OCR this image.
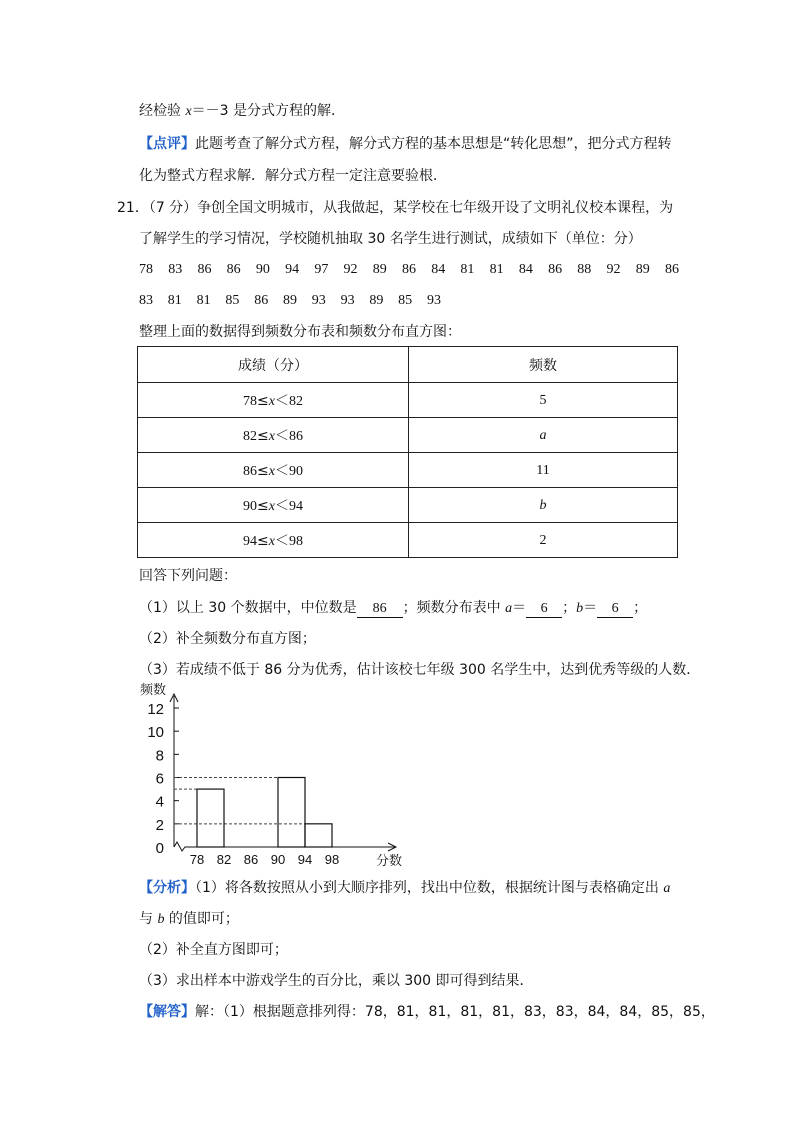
经检验 x＝－3 是分式方程的解．
【点评】此题考查了解分式方程，解分式方程的基本思想是“转化思想”，把分式方程转
化为整式方程求解．解分式方程一定注意要验根．
21．（7 分）争创全国文明城市，从我做起，某学校在七年级开设了文明礼仪校本课程，为
了解学生的学习情况，学校随机抽取 30 名学生进行测试，成绩如下（单位：分）
78 83 86 86 90 94 97 92 89 86 84 81 81 84 86 88 92 89 86
83	81	81	85	86	89	93	93	89	85	93
整理上面的数据得到频数分布表和频数分布直方图：
成绩（分）	频数
78≤x＜82	5
82≤x＜86	a
86≤x＜90	11
90≤x＜94	b
94≤x＜98	2
回答下列问题：
（1）以上 30 个数据中，中位数是 86 ；频数分布表中 a＝ 6 ；b＝ 6 ；
（2）补全频数分布直方图；
（3）若成绩不低于 86 分为优秀，估计该校七年级 300 名学生中，达到优秀等级的人数．
0
2
4
6
8
10
12
78 82 86 90 94 98
频数
分数
【分析】（1）将各数按照从小到大顺序排列，找出中位数，根据统计图与表格确定出 a
与 b 的值即可；
（2）补全直方图即可；
（3）求出样本中游戏学生的百分比，乘以 300 即可得到结果．
【解答】解：（1）根据题意排列得：78，81，81，81，81，83，83，84，84，85，85，
